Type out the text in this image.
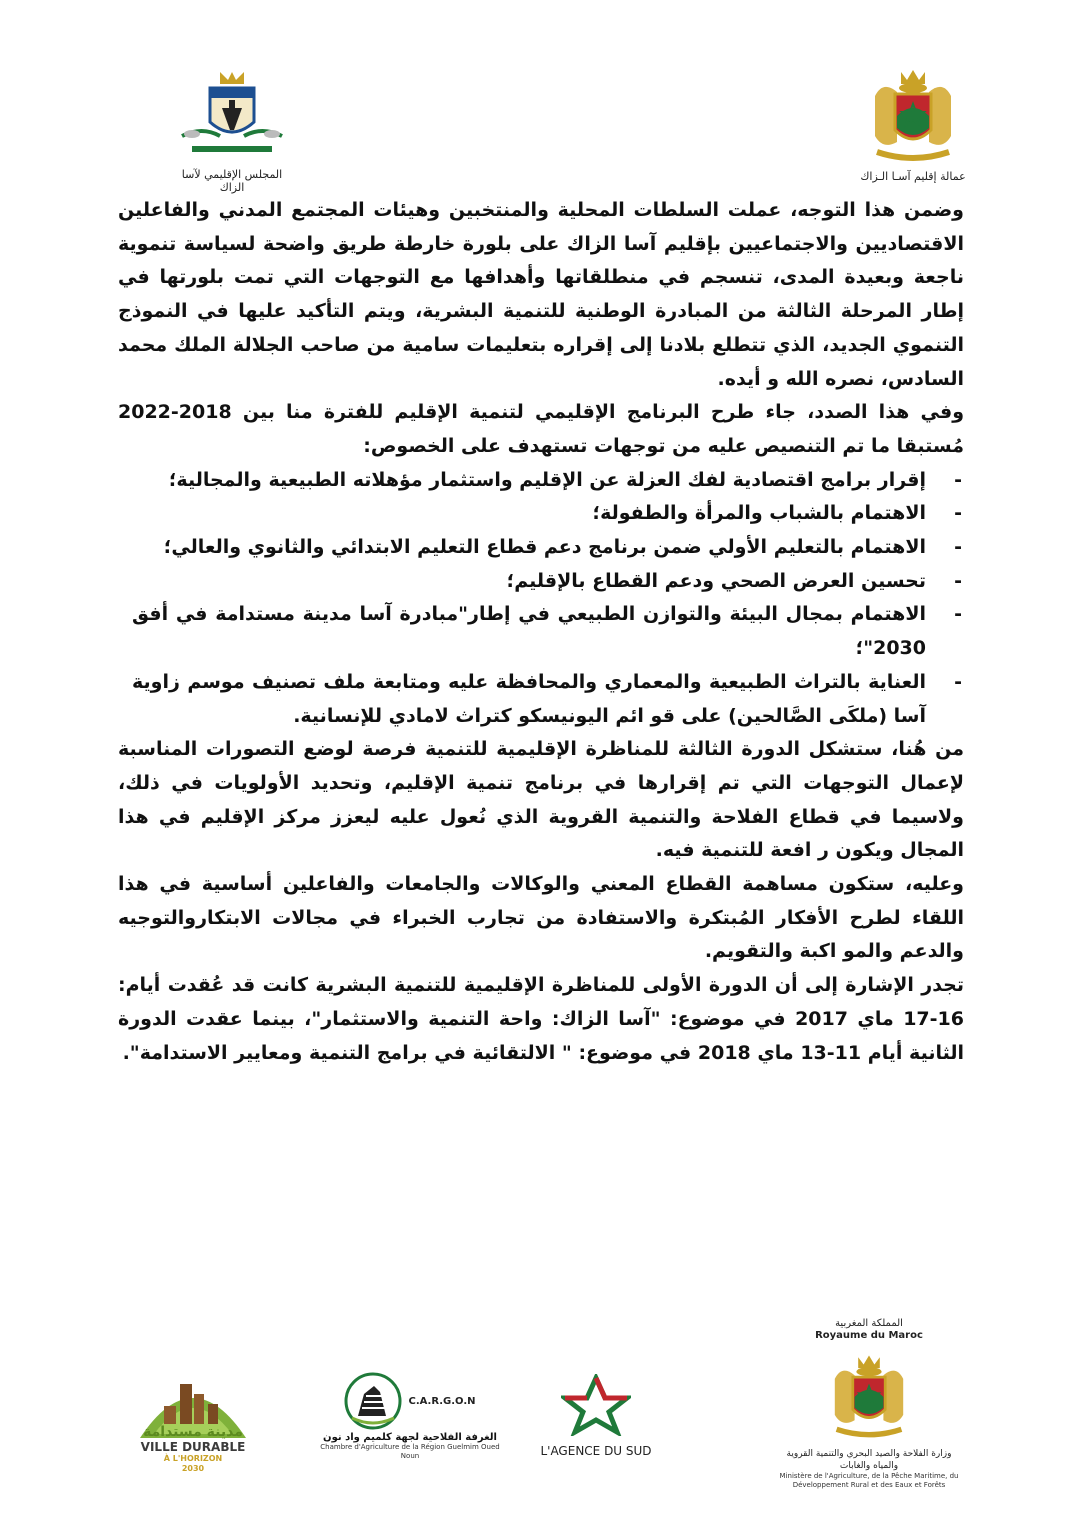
المجلس الإقليمي لآسا الزاك
عمالة إقليم آسـا الـزاك

وضمن هذا التوجه، عملت السلطات المحلية والمنتخبين وهيئات المجتمع المدني والفاعلين الاقتصاديين والاجتماعيين بإقليم آسا الزاك على بلورة خارطة طريق واضحة لسياسة تنموية ناجعة وبعيدة المدى، تنسجم في منطلقاتها وأهدافها مع التوجهات التي تمت بلورتها في إطار المرحلة الثالثة من المبادرة الوطنية للتنمية البشرية، ويتم التأكيد عليها في النموذج التنموي الجديد، الذي تتطلع بلادنا إلى إقراره بتعليمات سامية من صاحب الجلالة الملك محمد السادس، نصره الله و أيده.

وفي هذا الصدد، جاء طرح البرنامج الإقليمي لتنمية الإقليم للفترة منا بين 2018-2022 مُستبقا ما تم التنصيص عليه من توجهات تستهدف على الخصوص:

-
إقرار برامج اقتصادية لفك العزلة عن الإقليم واستثمار مؤهلاته الطبيعية والمجالية؛
-
الاهتمام بالشباب والمرأة والطفولة؛
-
الاهتمام بالتعليم الأولي ضمن برنامج دعم قطاع التعليم الابتدائي والثانوي والعالي؛
-
تحسين العرض الصحي ودعم القطاع بالإقليم؛
-
الاهتمام بمجال البيئة والتوازن الطبيعي في إطار"مبادرة آسا مدينة مستدامة في أفق 2030"؛
-
العناية بالتراث الطبيعية والمعماري والمحافظة عليه ومتابعة ملف تصنيف موسم زاوية آسا (ملكَى الصَّالحين) على قو ائم اليونيسكو كتراث لامادي للإنسانية.

من هُنا، ستشكل الدورة الثالثة للمناظرة الإقليمية للتنمية فرصة لوضع التصورات المناسبة لإعمال التوجهات التي تم إقرارها في برنامج تنمية الإقليم، وتحديد الأولويات في ذلك، ولاسيما في قطاع الفلاحة والتنمية القروية الذي نُعول عليه ليعزز مركز الإقليم في هذا المجال ويكون ر افعة للتنمية فيه.

وعليه، ستكون مساهمة القطاع المعني والوكالات والجامعات والفاعلين أساسية في هذا اللقاء لطرح الأفكار المُبتكرة والاستفادة من تجارب الخبراء في مجالات الابتكاروالتوجيه والدعم والمو اكبة والتقويم.

تجدر الإشارة إلى أن الدورة الأولى للمناظرة الإقليمية للتنمية البشرية كانت قد عُقدت أيام: 16-17 ماي 2017 في موضوع: "آسا الزاك: واحة التنمية والاستثمار"، بينما عقدت الدورة الثانية أيام 11-13 ماي 2018 في موضوع: " الالتقائية في برامج التنمية ومعايير الاستدامة".

مدينة مستدامة
VILLE DURABLE
À L'HORIZON
2030
C.A.R.G.O.N
الغرفة الفلاحية لجهة كلميم واد نون
Chambre d'Agriculture de la Région Guelmim Oued Noun	L'AGENCE DU SUD
المملكة المغربية
Royaume du Maroc
وزارة الفلاحة والصيد البحري والتنمية القروية والمياه والغابات
Ministère de l'Agriculture, de la Pêche Maritime, du Développement Rural et des Eaux et Forêts
